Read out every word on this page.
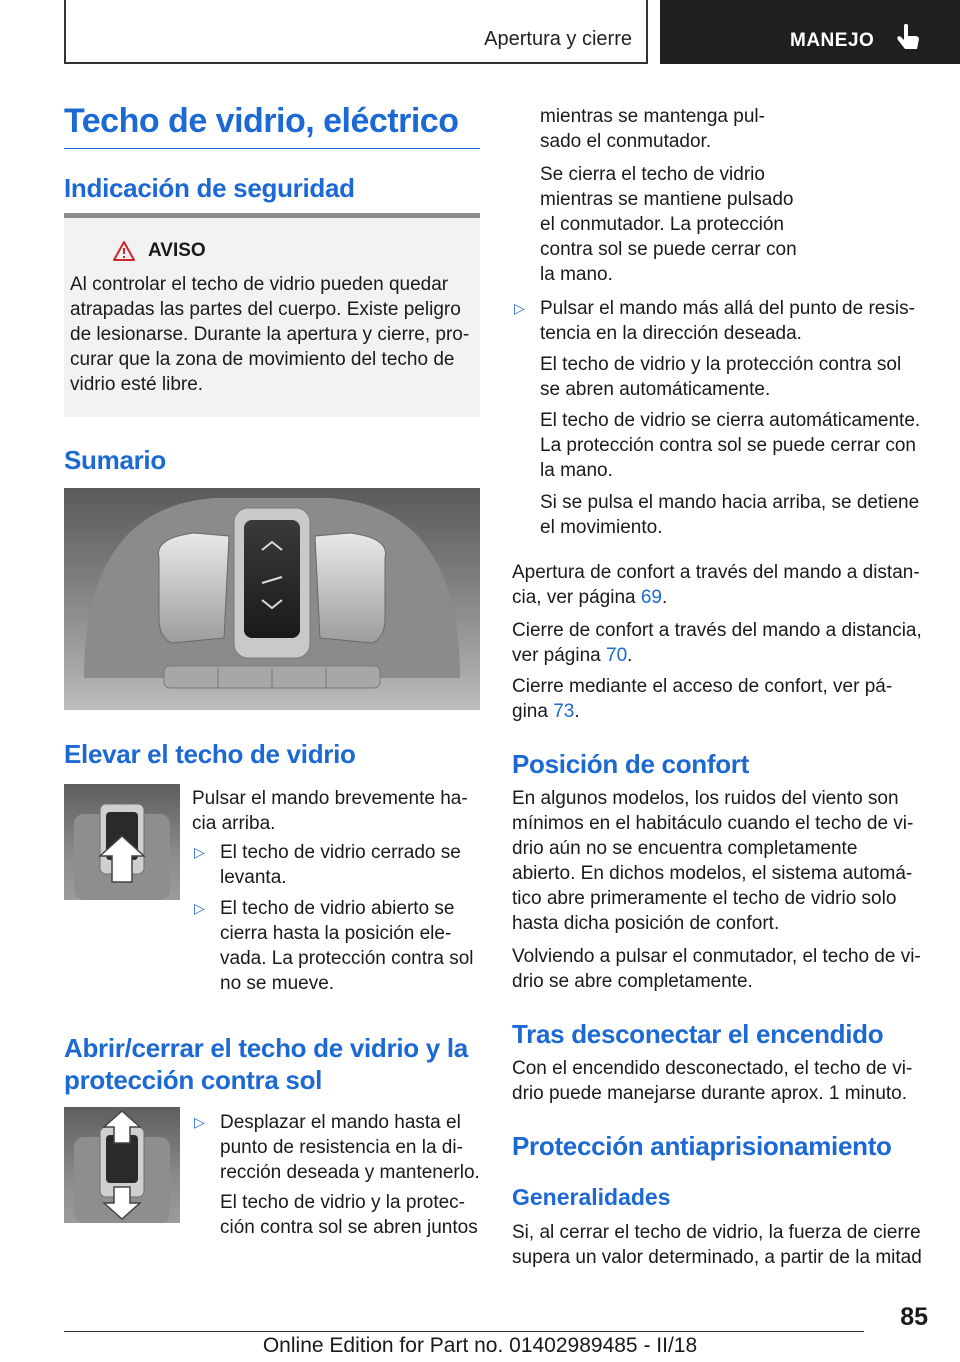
Apertura y cierre	MANEJO
Techo de vidrio, eléctrico
Indicación de seguridad
AVISO
Al controlar el techo de vidrio pueden quedar
atrapadas las partes del cuerpo. Existe peligro
de lesionarse. Durante la apertura y cierre, pro‐
curar que la zona de movimiento del techo de
vidrio esté libre.
Sumario
Elevar el techo de vidrio
Pulsar el mando brevemente ha‐
cia arriba.
▷ El techo de vidrio cerrado se
levanta.
▷ El techo de vidrio abierto se
cierra hasta la posición ele‐
vada. La protección contra sol
no se mueve.
Abrir/cerrar el techo de vidrio y la
protección contra sol
▷ Desplazar el mando hasta el
punto de resistencia en la di‐
rección deseada y mantenerlo.
El techo de vidrio y la protec‐
ción contra sol se abren juntos
mientras se mantenga pul‐
sado el conmutador.
Se cierra el techo de vidrio
mientras se mantiene pulsado
el conmutador. La protección
contra sol se puede cerrar con
la mano.
▷ Pulsar el mando más allá del punto de resis‐
tencia en la dirección deseada.
El techo de vidrio y la protección contra sol
se abren automáticamente.
El techo de vidrio se cierra automáticamente.
La protección contra sol se puede cerrar con
la mano.
Si se pulsa el mando hacia arriba, se detiene
el movimiento.
Apertura de confort a través del mando a distan‐
cia, ver página 69.
Cierre de confort a través del mando a distancia,
ver página 70.
Cierre mediante el acceso de confort, ver pá‐
gina 73.
Posición de confort
En algunos modelos, los ruidos del viento son
mínimos en el habitáculo cuando el techo de vi‐
drio aún no se encuentra completamente
abierto. En dichos modelos, el sistema automá‐
tico abre primeramente el techo de vidrio solo
hasta dicha posición de confort.
Volviendo a pulsar el conmutador, el techo de vi‐
drio se abre completamente.
Tras desconectar el encendido
Con el encendido desconectado, el techo de vi‐
drio puede manejarse durante aprox. 1 minuto.
Protección antiaprisionamiento
Generalidades
Si, al cerrar el techo de vidrio, la fuerza de cierre
supera un valor determinado, a partir de la mitad
85
Online Edition for Part no. 01402989485 - II/18
